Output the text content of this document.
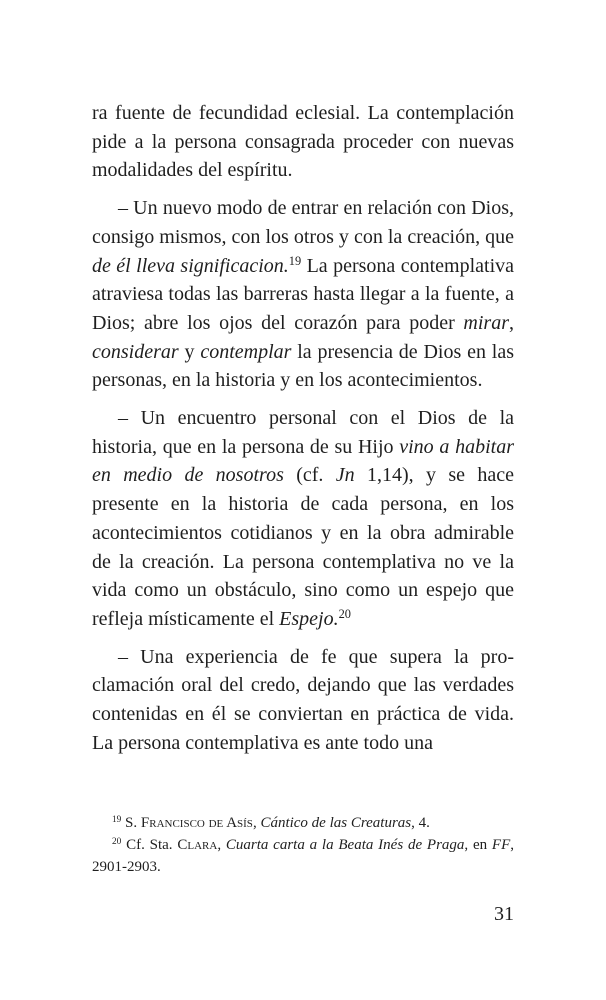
ra fuente de fecundidad eclesial. La contemplación pide a la persona consagrada proceder con nuevas modalidades del espíritu.

– Un nuevo modo de entrar en relación con Dios, consigo mismos, con los otros y con la creación, que de él lleva significacion.$^{19}$ La persona contemplativa atraviesa todas las barreras hasta llegar a la fuente, a Dios; abre los ojos del corazón para poder mirar, considerar y contemplar la presencia de Dios en las personas, en la historia y en los acontecimientos.

– Un encuentro personal con el Dios de la historia, que en la persona de su Hijo vino a habitar en medio de nosotros (cf. Jn 1,14), y se hace presente en la historia de cada persona, en los acontecimientos cotidianos y en la obra admirable de la creación. La persona contemplativa no ve la vida como un obstáculo, sino como un espejo que refleja místicamente el Espejo.$^{20}$

– Una experiencia de fe que supera la proclamación oral del credo, dejando que las verdades contenidas en él se conviertan en práctica de vida. La persona contemplativa es ante todo una

$^{19}$ S. Francisco de Asís, Cántico de las Creaturas, 4.

$^{20}$ Cf. Sta. Clara, Cuarta carta a la Beata Inés de Praga, en FF, 2901-2903.

31
